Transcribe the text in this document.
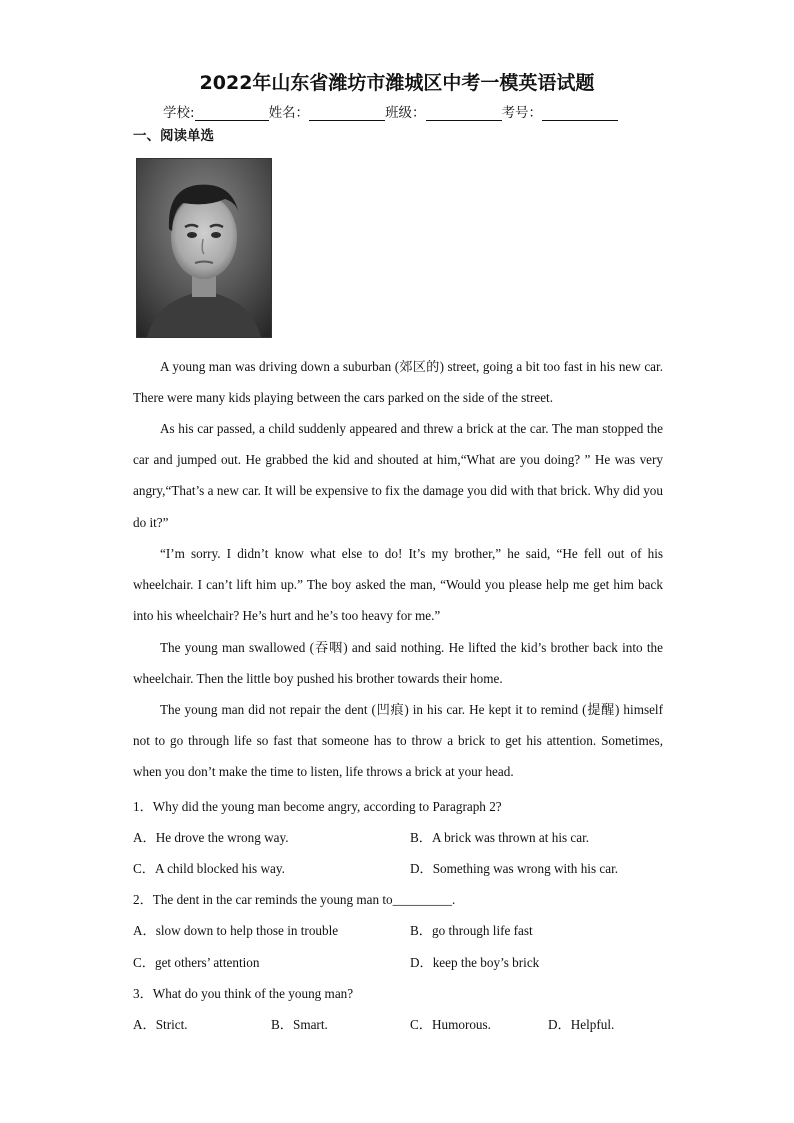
2022年山东省潍坊市潍城区中考一模英语试题
学校:	姓名：	班级：	考号：
一、阅读单选
A young man was driving down a suburban (郊区的) street, going a bit too fast in his new car. There were many kids playing between the cars parked on the side of the street.
As his car passed, a child suddenly appeared and threw a brick at the car. The man stopped the car and jumped out. He grabbed the kid and shouted at him,“What are you doing? ” He was very angry,“That’s a new car. It will be expensive to fix the damage you did with that brick. Why did you do it?”
“I’m sorry. I didn’t know what else to do! It’s my brother,” he said, “He fell out of his wheelchair. I can’t lift him up.” The boy asked the man, “Would you please help me get him back into his wheelchair? He’s hurt and he’s too heavy for me.”
The young man swallowed (吞咽) and said nothing. He lifted the kid’s brother back into the wheelchair. Then the little boy pushed his brother towards their home.
The young man did not repair the dent (凹痕) in his car. He kept it to remind (提醒) himself not to go through life so fast that someone has to throw a brick to get his attention. Sometimes, when you don’t make the time to listen, life throws a brick at your head.
1．Why did the young man become angry, according to Paragraph 2?
A．He drove the wrong way.	B．A brick was thrown at his car.
C．A child blocked his way.	D．Something was wrong with his car.
2．The dent in the car reminds the young man to_________.
A．slow down to help those in trouble	B．go through life fast
C．get others’ attention	D．keep the boy’s brick
3．What do you think of the young man?
A．Strict.	B．Smart.	C．Humorous.	D．Helpful.
